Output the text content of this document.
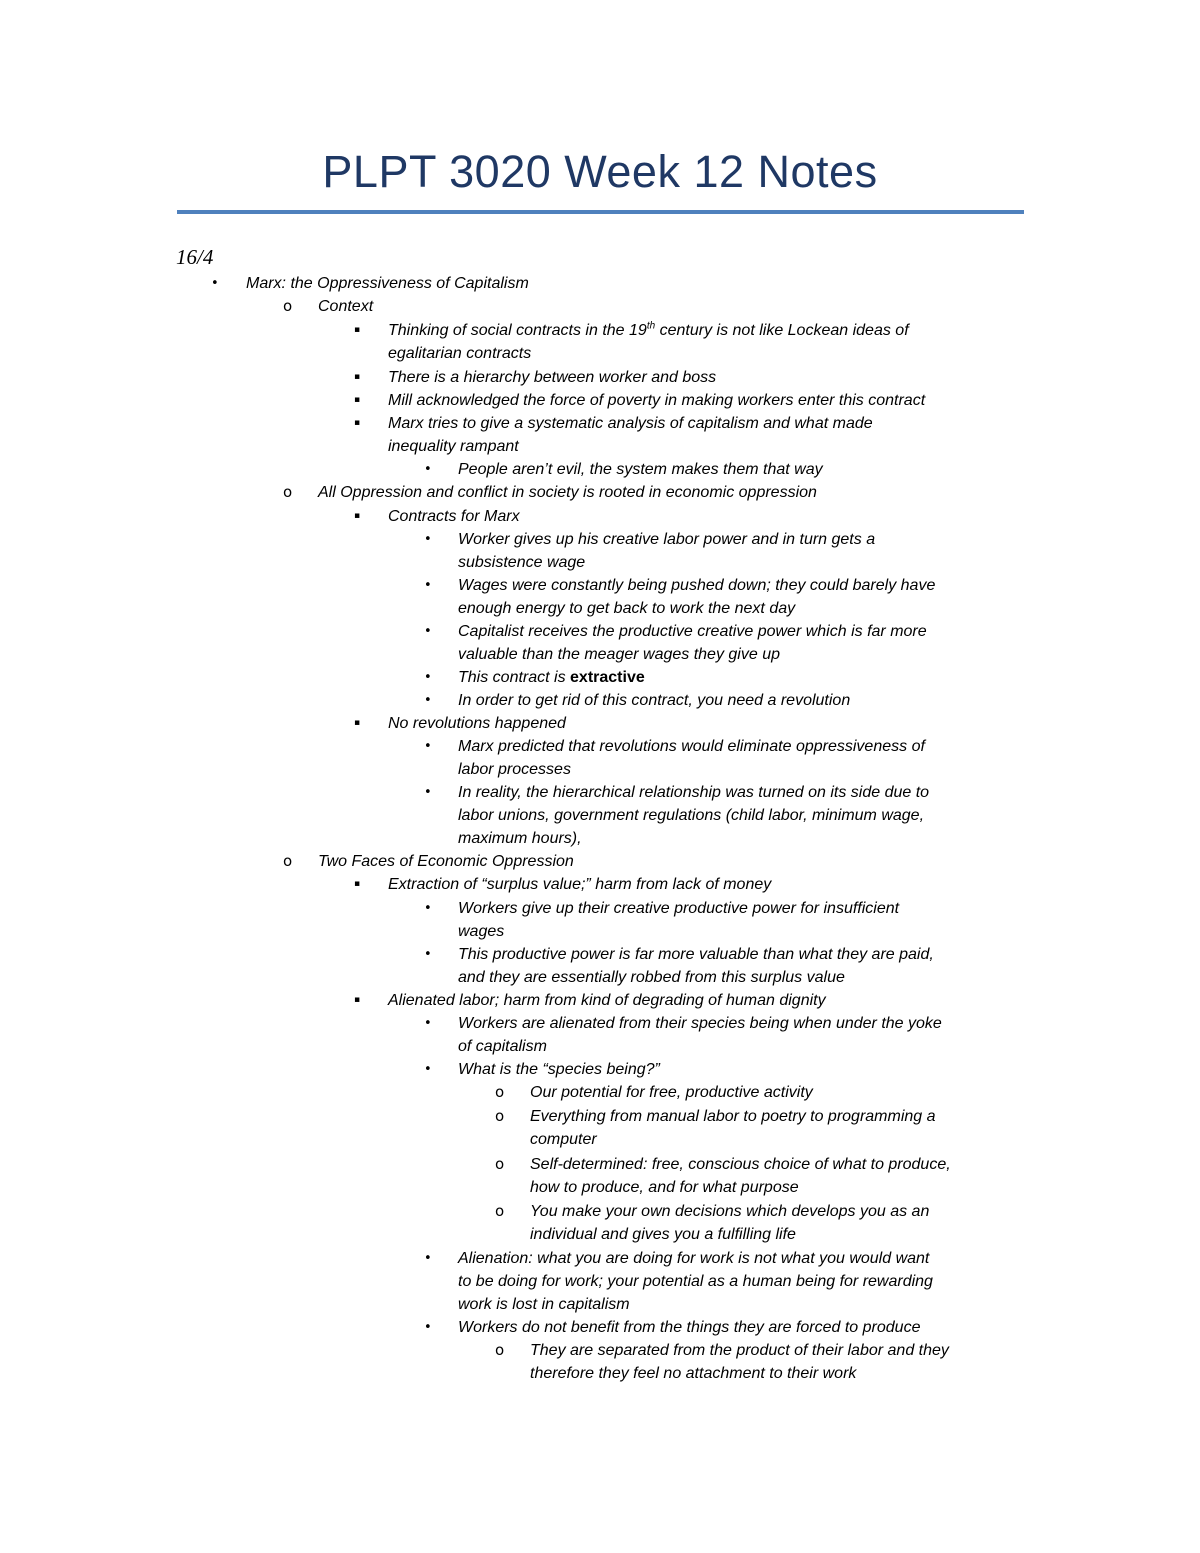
PLPT 3020 Week 12 Notes
16/4
• Marx: the Oppressiveness of Capitalism
o Context
▪ Thinking of social contracts in the 19th century is not like Lockean ideas of
egalitarian contracts
▪ There is a hierarchy between worker and boss
▪ Mill acknowledged the force of poverty in making workers enter this contract
▪ Marx tries to give a systematic analysis of capitalism and what made
inequality rampant
• People aren’t evil, the system makes them that way
o All Oppression and conflict in society is rooted in economic oppression
▪ Contracts for Marx
• Worker gives up his creative labor power and in turn gets a
subsistence wage
• Wages were constantly being pushed down; they could barely have
enough energy to get back to work the next day
• Capitalist receives the productive creative power which is far more
valuable than the meager wages they give up
• This contract is extractive
• In order to get rid of this contract, you need a revolution
▪ No revolutions happened
• Marx predicted that revolutions would eliminate oppressiveness of
labor processes
• In reality, the hierarchical relationship was turned on its side due to
labor unions, government regulations (child labor, minimum wage,
maximum hours),
o Two Faces of Economic Oppression
▪ Extraction of “surplus value;” harm from lack of money
• Workers give up their creative productive power for insufficient
wages
• This productive power is far more valuable than what they are paid,
and they are essentially robbed from this surplus value
▪ Alienated labor; harm from kind of degrading of human dignity
• Workers are alienated from their species being when under the yoke
of capitalism
• What is the “species being?”
o Our potential for free, productive activity
o Everything from manual labor to poetry to programming a
computer
o Self-determined: free, conscious choice of what to produce,
how to produce, and for what purpose
o You make your own decisions which develops you as an
individual and gives you a fulfilling life
• Alienation: what you are doing for work is not what you would want
to be doing for work; your potential as a human being for rewarding
work is lost in capitalism
• Workers do not benefit from the things they are forced to produce
o They are separated from the product of their labor and they
therefore they feel no attachment to their work
